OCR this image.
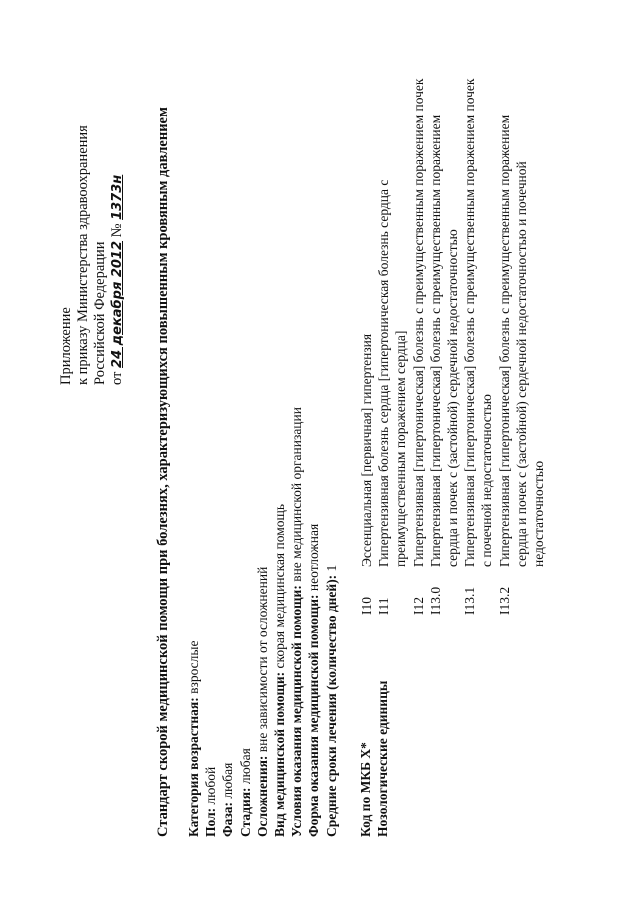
Приложение к приказу Министерства здравоохранения Российской Федерации от 24 декабря 2012 № 1373н Стандарт скорой медицинской помощи при болезнях, характеризующихся повышенным кровяным давлением Категория возрастная: взрослые
Пол: любой
Фаза: любая
Стадия: любая Осложнения: вне зависимости от осложнений Вид медицинской помощи: скорая медицинская помощь Условия оказания медицинской помощи: вне медицинской организации
Форма оказания медицинской помощи: неотложная
Средние сроки лечения (количество дней): 1
Код по МКБ X* Нозологические единицы
I10
Эссенциальная [первичная] гипертензия
I11
Гипертензивная болезнь сердца [гипертоническая болезнь сердца с преимущественным поражением сердца]
I12
Гипертензивная [гипертоническая] болезнь с преимущественным поражением почек
I13.0
Гипертензивная [гипертоническая] болезнь с преимущественным поражением сердца и почек с (застойной) сердечной недостаточностью
I13.1
Гипертензивная [гипертоническая] болезнь с преимущественным поражением почек с почечной недостаточностью
I13.2
Гипертензивная [гипертоническая] болезнь с преимущественным поражением сердца и почек с (застойной) сердечной недостаточностью и почечной недостаточностью
